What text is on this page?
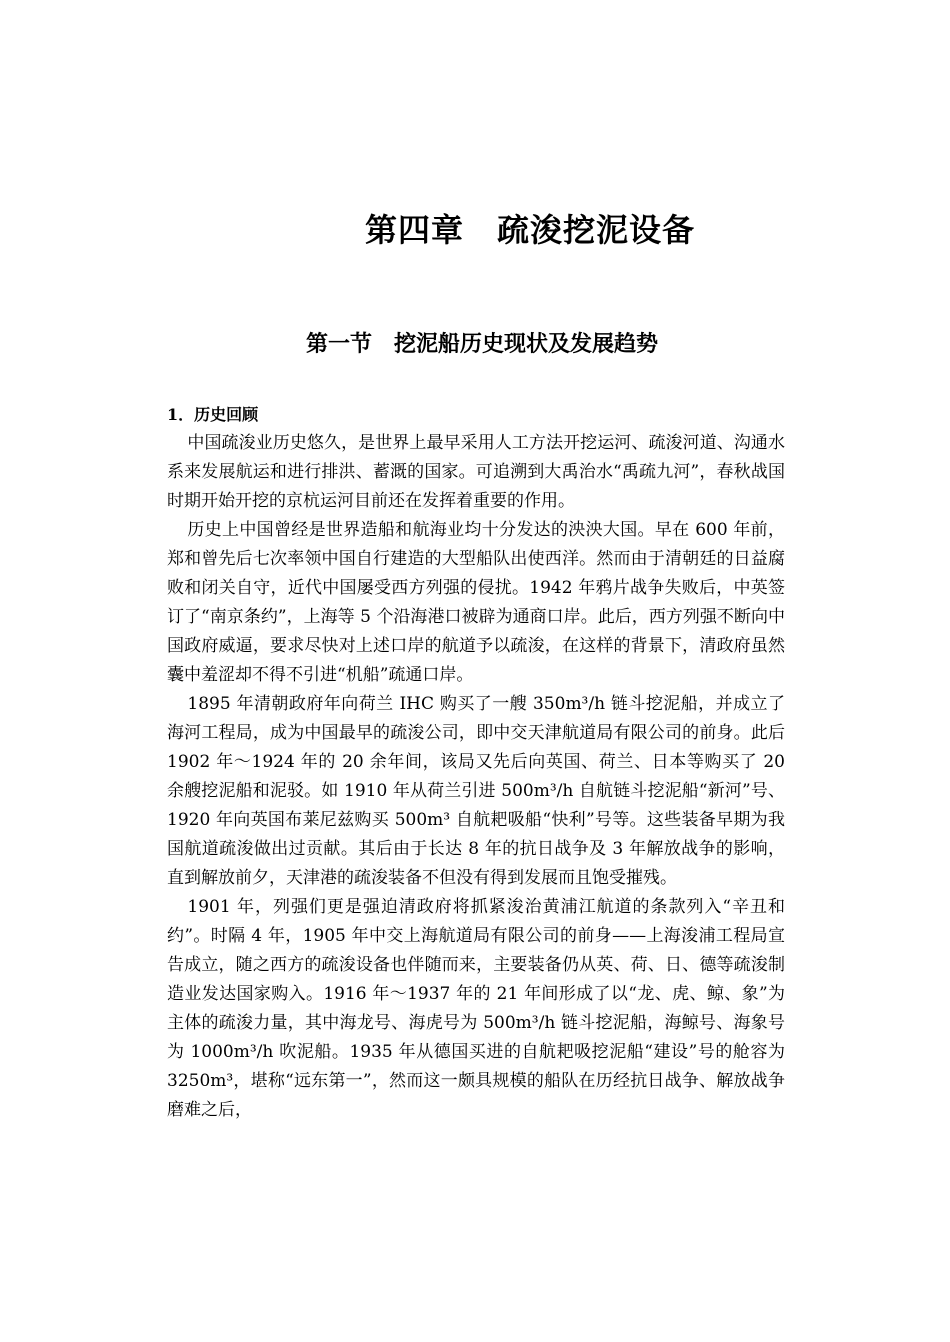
第四章　疏浚挖泥设备
第一节　挖泥船历史现状及发展趋势

1．历史回顾

中国疏浚业历史悠久，是世界上最早采用人工方法开挖运河、疏浚河道、沟通水系来发展航运和进行排洪、蓄溉的国家。可追溯到大禹治水“禹疏九河”，春秋战国时期开始开挖的京杭运河目前还在发挥着重要的作用。

历史上中国曾经是世界造船和航海业均十分发达的泱泱大国。早在 600 年前，郑和曾先后七次率领中国自行建造的大型船队出使西洋。然而由于清朝廷的日益腐败和闭关自守，近代中国屡受西方列强的侵扰。1942 年鸦片战争失败后，中英签订了“南京条约”，上海等 5 个沿海港口被辟为通商口岸。此后，西方列强不断向中国政府威逼，要求尽快对上述口岸的航道予以疏浚，在这样的背景下，清政府虽然囊中羞涩却不得不引进“机船”疏通口岸。

1895 年清朝政府年向荷兰 IHC 购买了一艘 350m³/h 链斗挖泥船，并成立了海河工程局，成为中国最早的疏浚公司，即中交天津航道局有限公司的前身。此后 1902 年～1924 年的 20 余年间，该局又先后向英国、荷兰、日本等购买了 20 余艘挖泥船和泥驳。如 1910 年从荷兰引进 500m³/h 自航链斗挖泥船“新河”号、1920 年向英国布莱尼兹购买 500m³ 自航耙吸船“快利”号等。这些装备早期为我国航道疏浚做出过贡献。其后由于长达 8 年的抗日战争及 3 年解放战争的影响，直到解放前夕，天津港的疏浚装备不但没有得到发展而且饱受摧残。

1901 年，列强们更是强迫清政府将抓紧浚治黄浦江航道的条款列入“辛丑和约”。时隔 4 年，1905 年中交上海航道局有限公司的前身——上海浚浦工程局宣告成立，随之西方的疏浚设备也伴随而来，主要装备仍从英、荷、日、德等疏浚制造业发达国家购入。1916 年～1937 年的 21 年间形成了以“龙、虎、鲸、象”为主体的疏浚力量，其中海龙号、海虎号为 500m³/h 链斗挖泥船，海鲸号、海象号为 1000m³/h 吹泥船。1935 年从德国买进的自航耙吸挖泥船“建设”号的舱容为 3250m³，堪称“远东第一”，然而这一颇具规模的船队在历经抗日战争、解放战争磨难之后，
